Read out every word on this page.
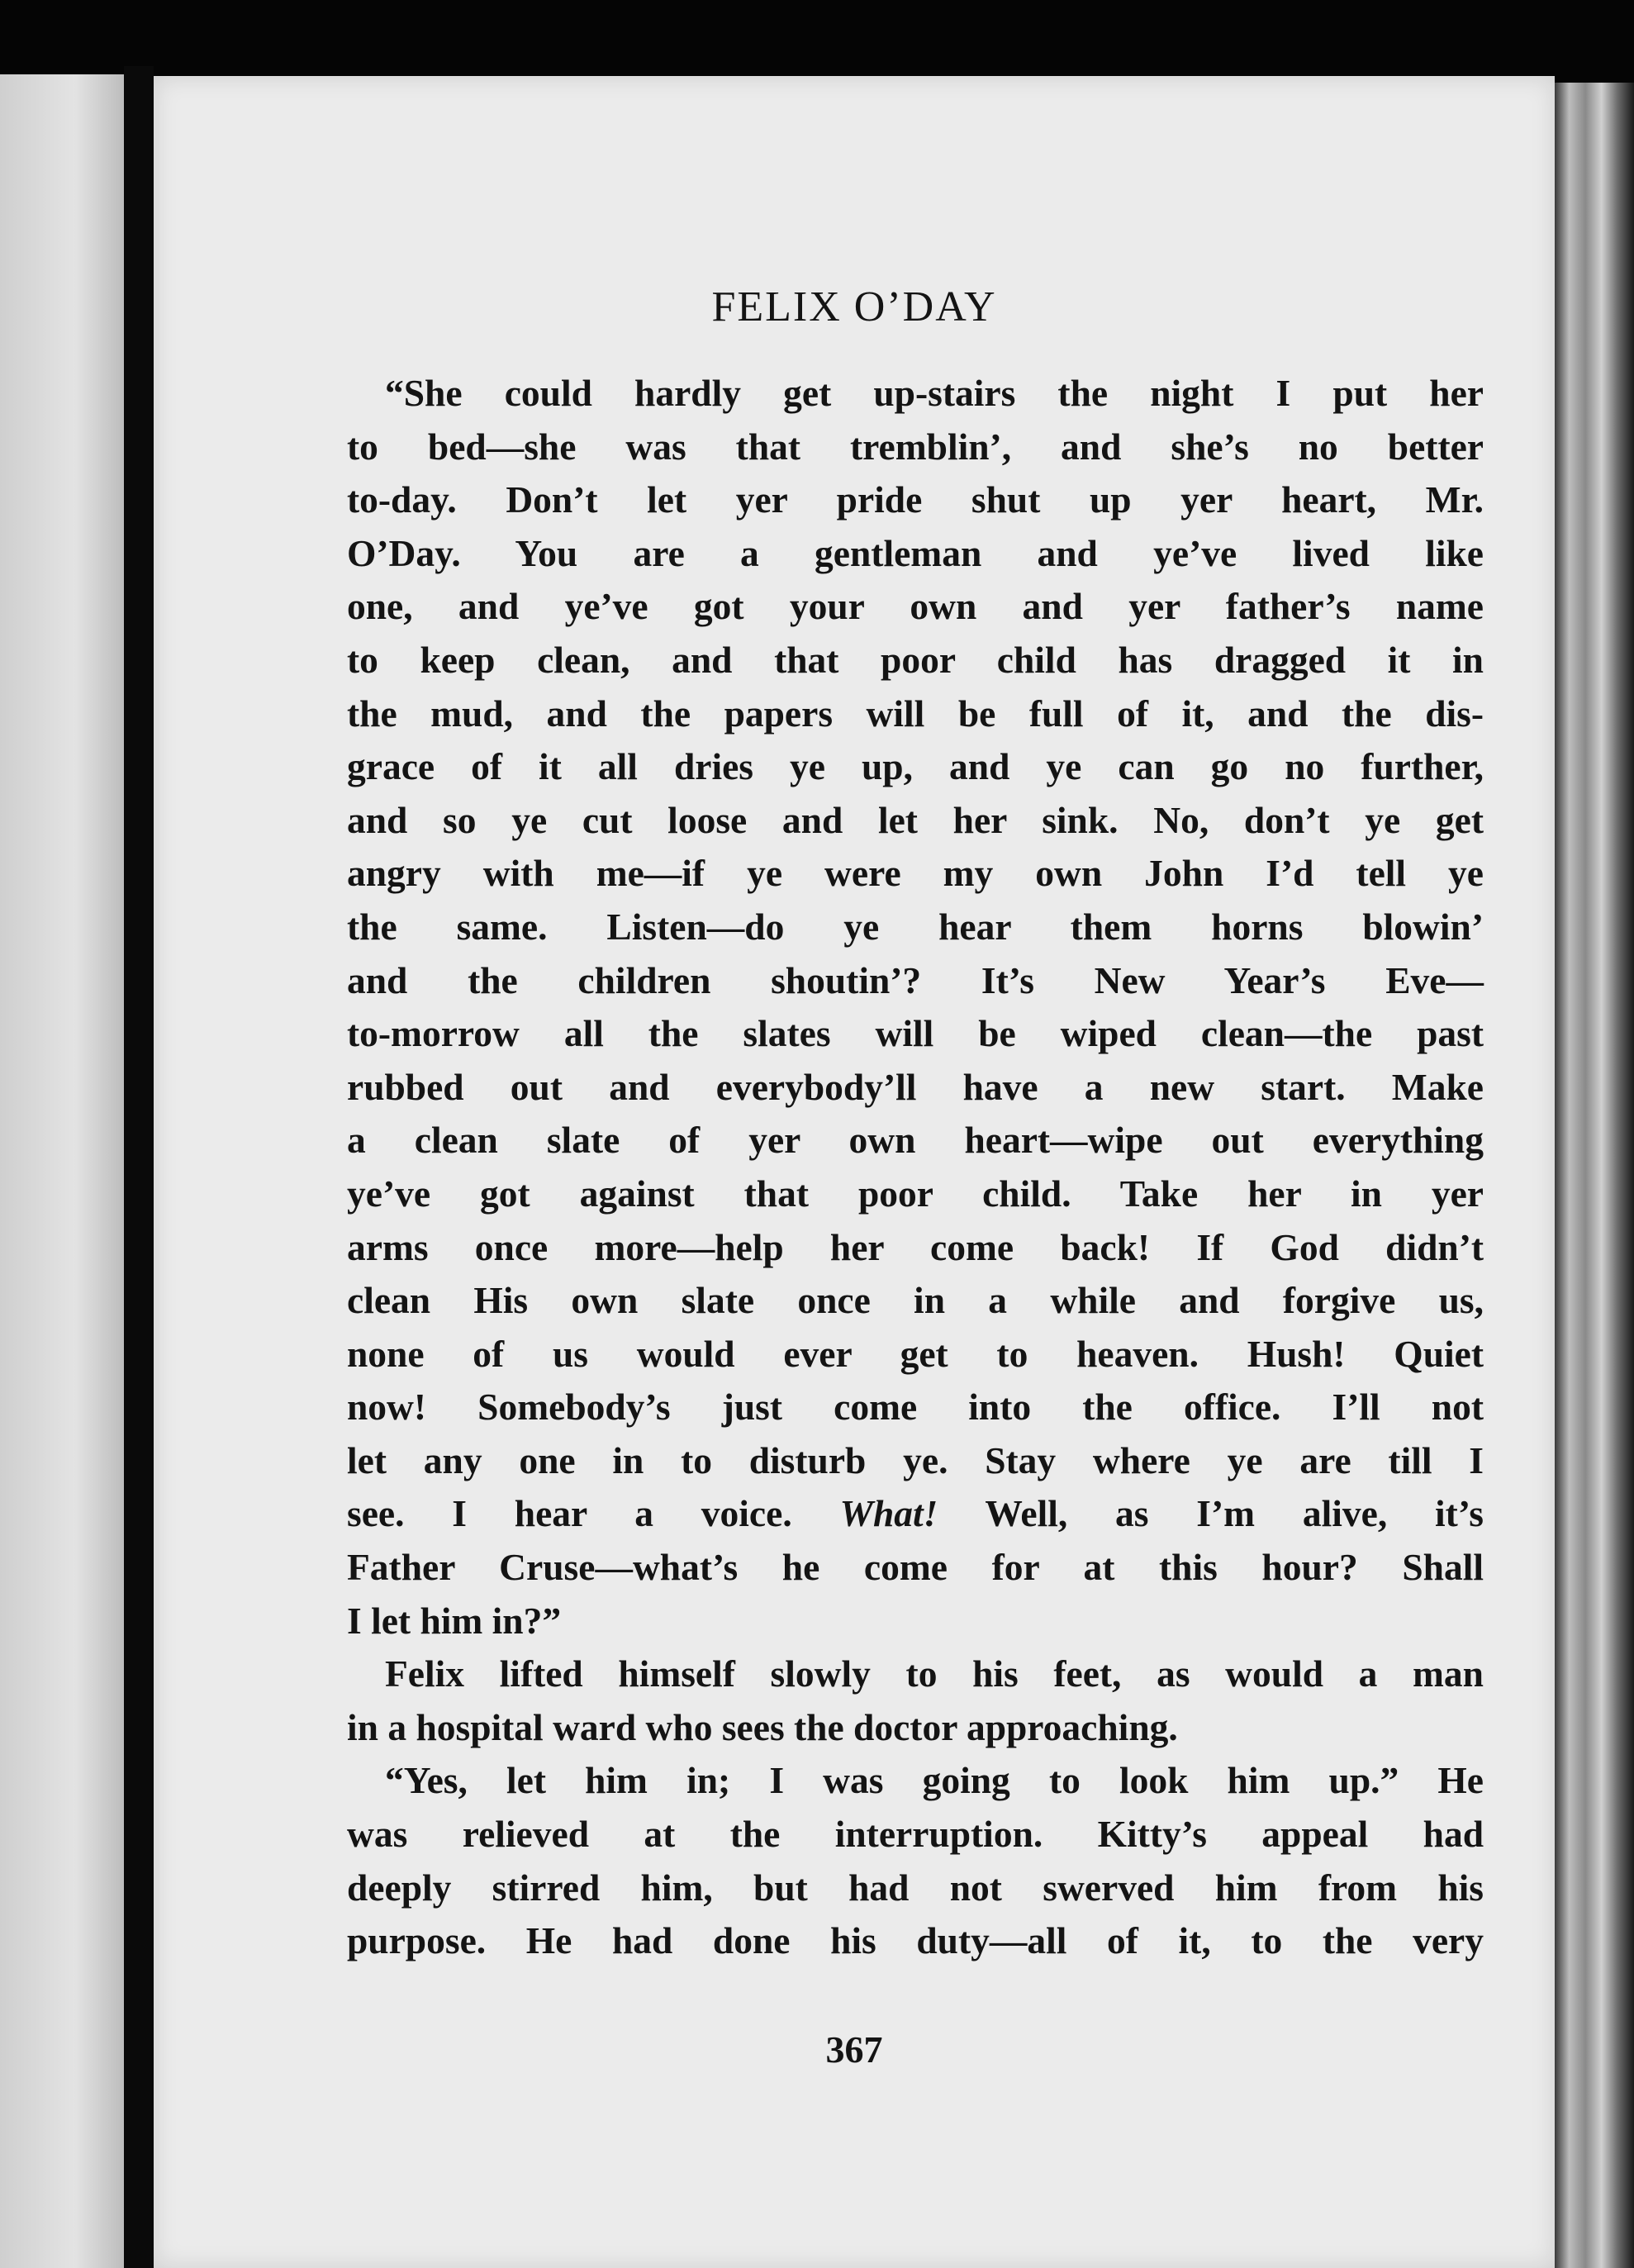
FELIX O’DAY
“She could hardly get up-stairs the night I put her
to bed—she was that tremblin’, and she’s no better
to-day. Don’t let yer pride shut up yer heart, Mr.
O’Day. You are a gentleman and ye’ve lived like
one, and ye’ve got your own and yer father’s name
to keep clean, and that poor child has dragged it in
the mud, and the papers will be full of it, and the dis-
grace of it all dries ye up, and ye can go no further,
and so ye cut loose and let her sink. No, don’t ye get
angry with me—if ye were my own John I’d tell ye
the same. Listen—do ye hear them horns blowin’
and the children shoutin’? It’s New Year’s Eve—
to-morrow all the slates will be wiped clean—the past
rubbed out and everybody’ll have a new start. Make
a clean slate of yer own heart—wipe out everything
ye’ve got against that poor child. Take her in yer
arms once more—help her come back! If God didn’t
clean His own slate once in a while and forgive us,
none of us would ever get to heaven. Hush! Quiet
now! Somebody’s just come into the office. I’ll not
let any one in to disturb ye. Stay where ye are till I
see. I hear a voice. What! Well, as I’m alive, it’s
Father Cruse—what’s he come for at this hour? Shall
I let him in?”
Felix lifted himself slowly to his feet, as would a man
in a hospital ward who sees the doctor approaching.
“Yes, let him in; I was going to look him up.” He
was relieved at the interruption. Kitty’s appeal had
deeply stirred him, but had not swerved him from his
purpose. He had done his duty—all of it, to the very
367
